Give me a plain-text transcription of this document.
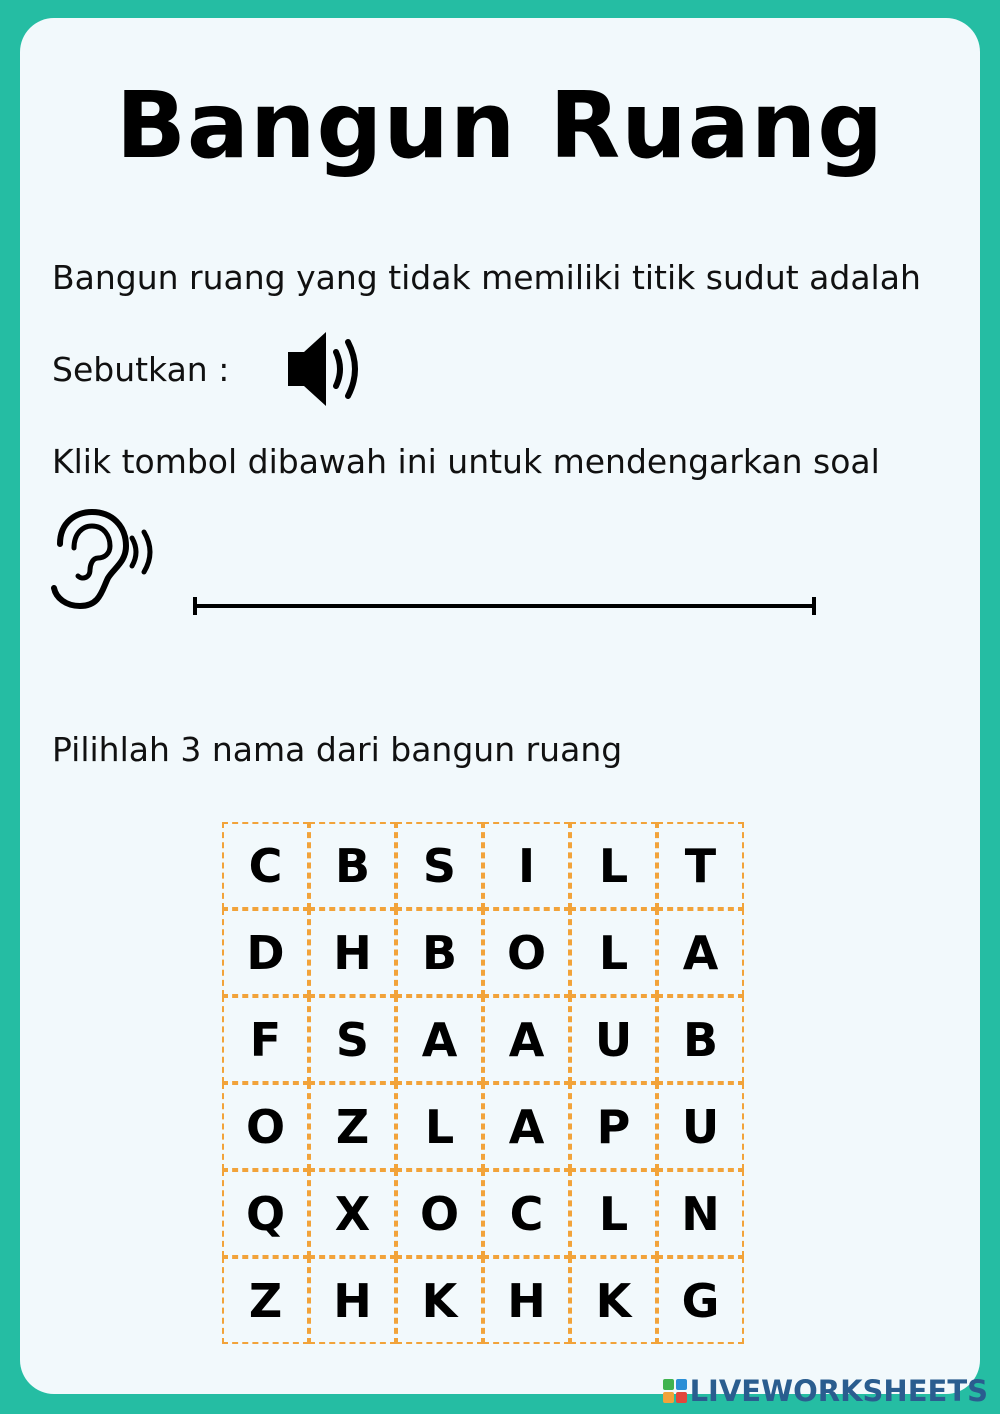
Bangun Ruang
Bangun ruang yang tidak memiliki titik sudut adalah
Sebutkan :
Klik tombol dibawah ini untuk mendengarkan soal
Pilihlah 3 nama dari bangun ruang
C	B	S	I	L	T
D	H	B	O	L	A
F	S	A	A	U	B
O	Z	L	A	P	U
Q	X	O	C	L	N
Z	H	K	H	K	G
LIVEWORKSHEETS
